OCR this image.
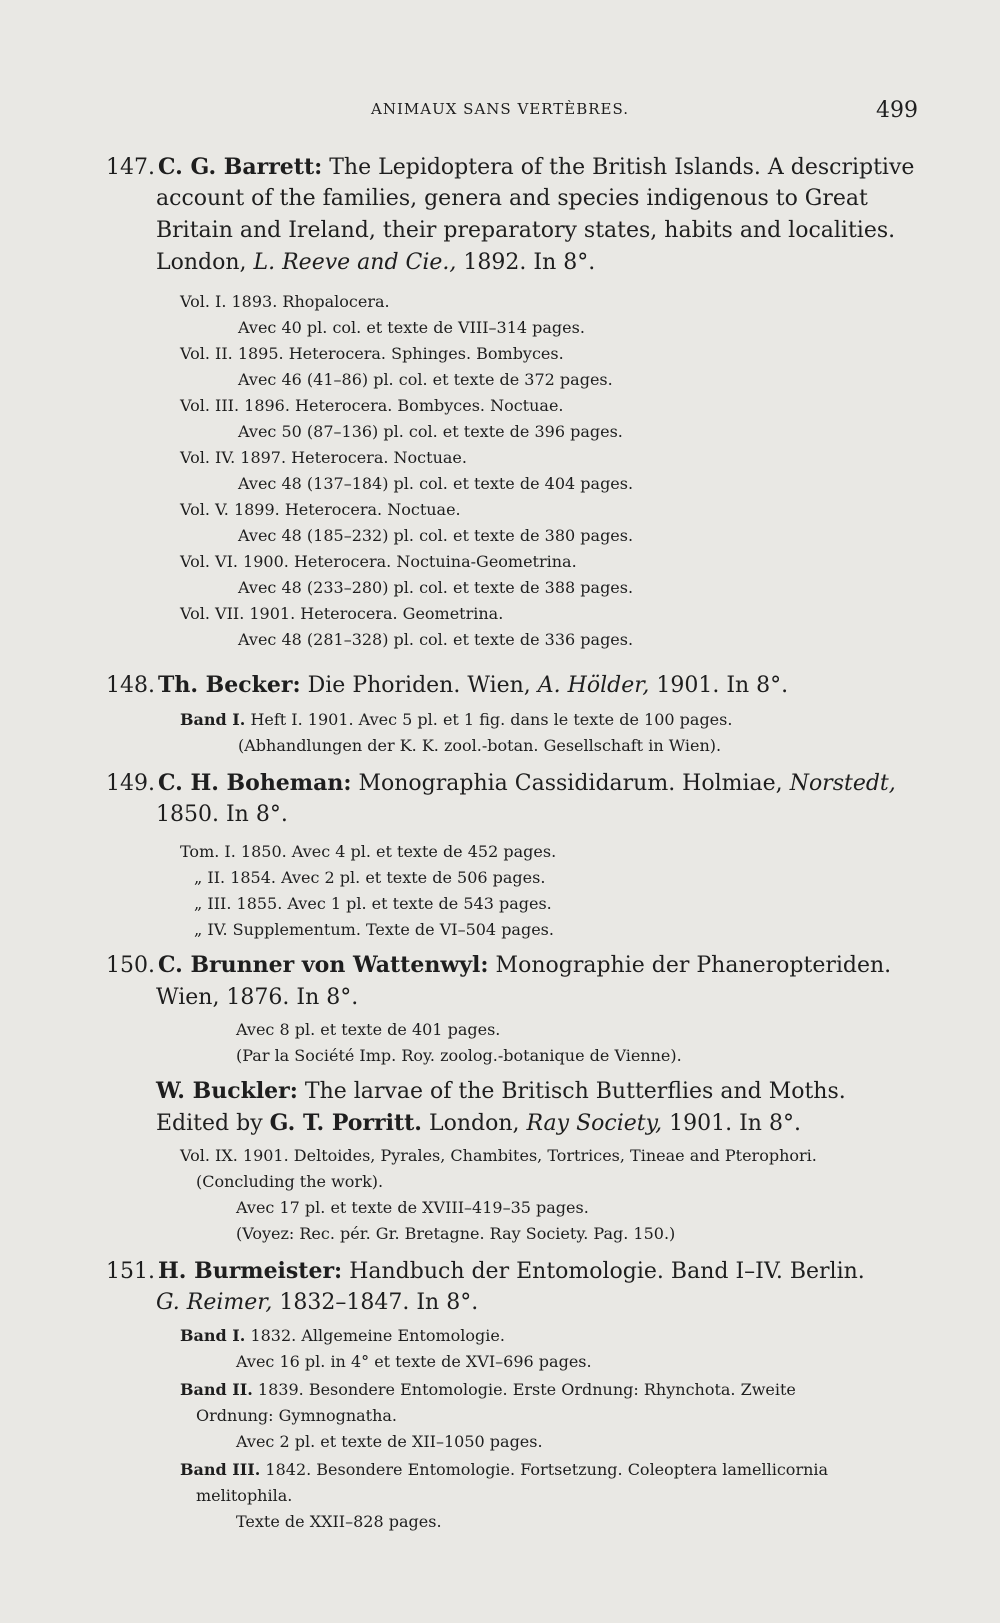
ANIMAUX SANS VERTÈBRES.	499
147. C. G. Barrett: The Lepidoptera of the British Islands. A descriptive
account of the families, genera and species indigenous to Great
Britain and Ireland, their preparatory states, habits and localities.
London, L. Reeve and Cie., 1892. In 8°.
Vol. I. 1893. Rhopalocera.
Avec 40 pl. col. et texte de VIII–314 pages.
Vol. II. 1895. Heterocera. Sphinges. Bombyces.
Avec 46 (41–86) pl. col. et texte de 372 pages.
Vol. III. 1896. Heterocera. Bombyces. Noctuae.
Avec 50 (87–136) pl. col. et texte de 396 pages.
Vol. IV. 1897. Heterocera. Noctuae.
Avec 48 (137–184) pl. col. et texte de 404 pages.
Vol. V. 1899. Heterocera. Noctuae.
Avec 48 (185–232) pl. col. et texte de 380 pages.
Vol. VI. 1900. Heterocera. Noctuina-Geometrina.
Avec 48 (233–280) pl. col. et texte de 388 pages.
Vol. VII. 1901. Heterocera. Geometrina.
Avec 48 (281–328) pl. col. et texte de 336 pages.
148. Th. Becker: Die Phoriden. Wien, A. Hölder, 1901. In 8°.
Band I. Heft I. 1901. Avec 5 pl. et 1 fig. dans le texte de 100 pages.
(Abhandlungen der K. K. zool.-botan. Gesellschaft in Wien).
149. C. H. Boheman: Monographia Cassididarum. Holmiae, Norstedt,
1850. In 8°.
Tom. I. 1850. Avec 4 pl. et texte de 452 pages.
„ II. 1854. Avec 2 pl. et texte de 506 pages.
„ III. 1855. Avec 1 pl. et texte de 543 pages.
„ IV. Supplementum. Texte de VI–504 pages.
150. C. Brunner von Wattenwyl: Monographie der Phaneropteriden.
Wien, 1876. In 8°.
Avec 8 pl. et texte de 401 pages.
(Par la Société Imp. Roy. zoolog.-botanique de Vienne).
W. Buckler: The larvae of the Britisch Butterflies and Moths.
Edited by G. T. Porritt. London, Ray Society, 1901. In 8°.
Vol. IX. 1901. Deltoides, Pyrales, Chambites, Tortrices, Tineae and Pterophori.
(Concluding the work).
Avec 17 pl. et texte de XVIII–419–35 pages.
(Voyez: Rec. pér. Gr. Bretagne. Ray Society. Pag. 150.)
151. H. Burmeister: Handbuch der Entomologie. Band I–IV. Berlin.
G. Reimer, 1832–1847. In 8°.
Band I. 1832. Allgemeine Entomologie.
Avec 16 pl. in 4° et texte de XVI–696 pages.
Band II. 1839. Besondere Entomologie. Erste Ordnung: Rhynchota. Zweite
Ordnung: Gymnognatha.
Avec 2 pl. et texte de XII–1050 pages.
Band III. 1842. Besondere Entomologie. Fortsetzung. Coleoptera lamellicornia
melitophila.
Texte de XXII–828 pages.
